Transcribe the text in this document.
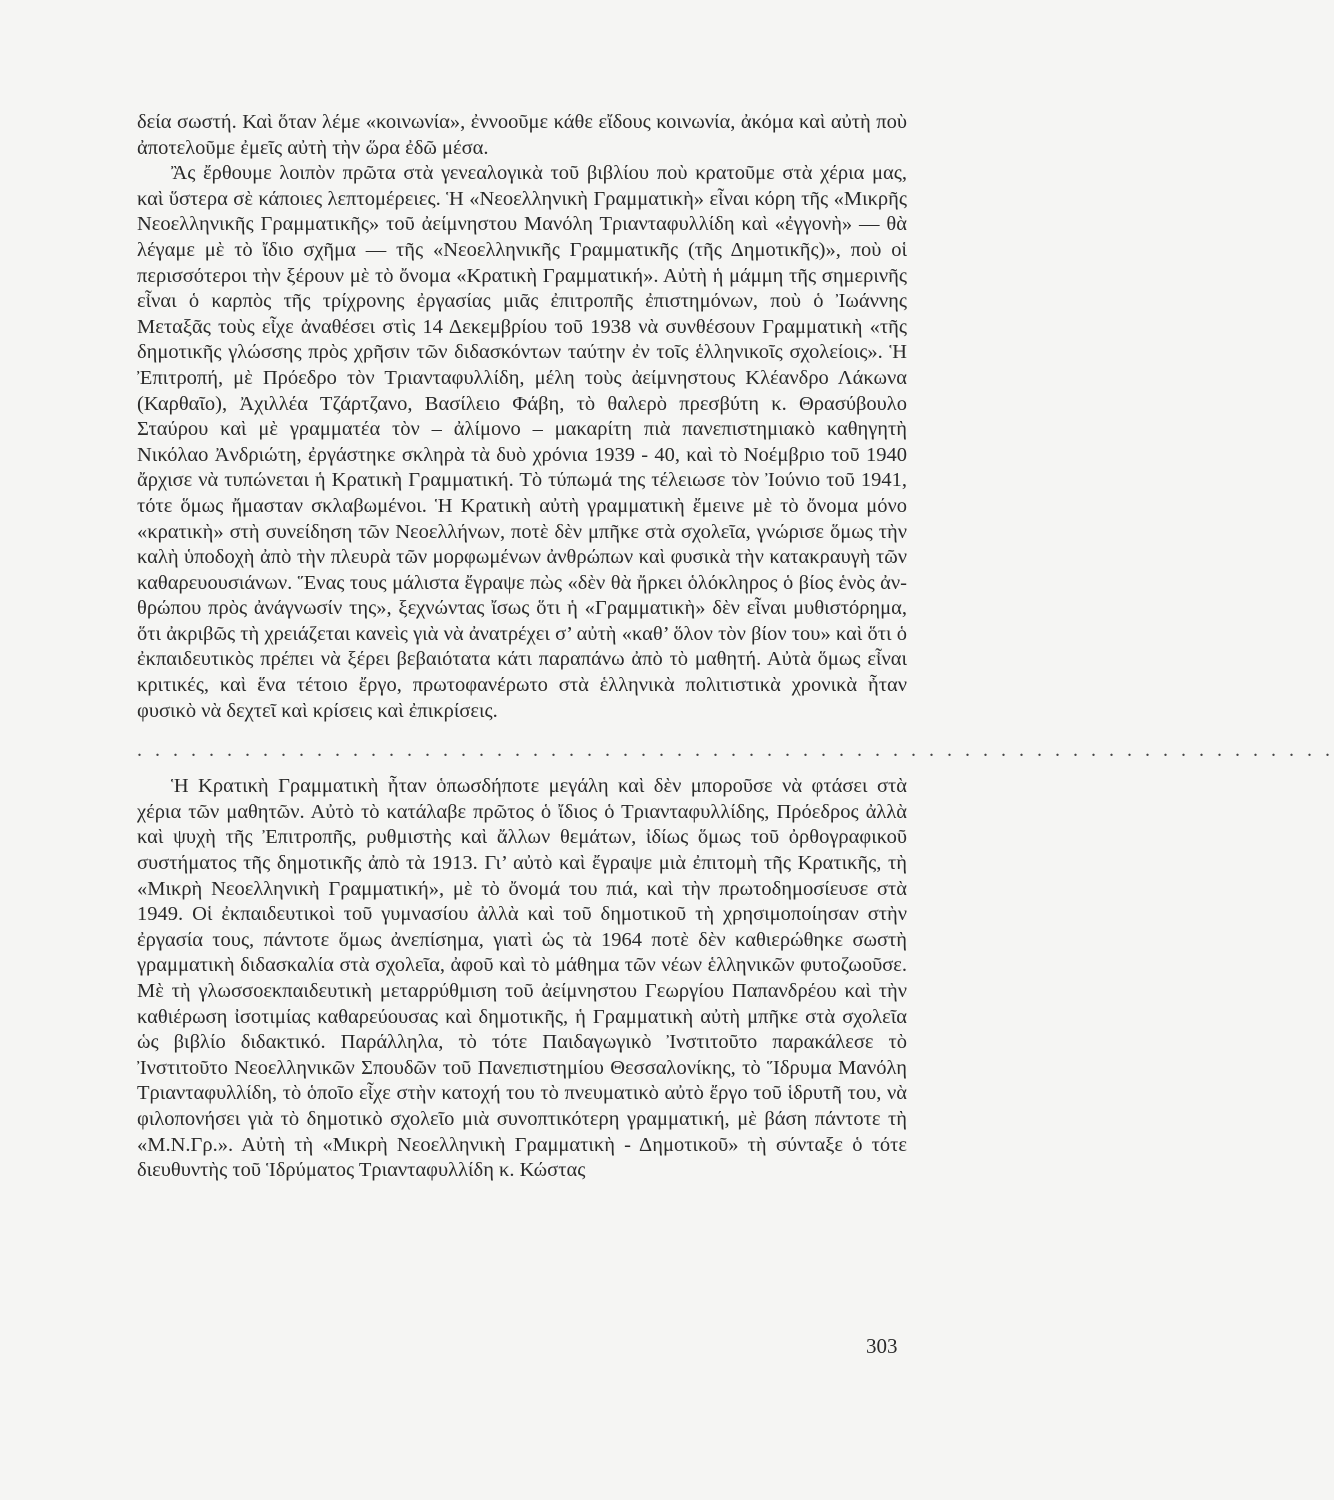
δεία σωστή. Καὶ ὅταν λέμε «κοινωνία», ἐννοοῦμε κάθε εἴδους κοινωνία, ἀκόμα καὶ αὐτὴ ποὺ ἀποτελοῦμε ἐμεῖς αὐτὴ τὴν ὥρα ἐδῶ μέσα.

Ἂς ἔρθουμε λοιπὸν πρῶτα στὰ γενεαλογικὰ τοῦ βιβλίου ποὺ κρατοῦμε στὰ χέρια μας, καὶ ὕστερα σὲ κάποιες λεπτομέρειες. Ἡ «Νεοελληνικὴ Γραμματικὴ» εἶναι κόρη τῆς «Μικρῆς Νεοελληνικῆς Γραμματικῆς» τοῦ ἀείμνηστου Μανόλη Τριανταφυλλίδη καὶ «ἐγγονὴ» — θὰ λέγαμε μὲ τὸ ἴδιο σχῆμα — τῆς «Νεοελληνικῆς Γραμματικῆς (τῆς Δημοτικῆς)», ποὺ οἱ περισσότεροι τὴν ξέρουν μὲ τὸ ὄνομα «Κρατικὴ Γραμματική». Αὐτὴ ἡ μάμμη τῆς σημερινῆς εἶναι ὁ καρπὸς τῆς τρίχρονης ἐργασίας μιᾶς ἐπιτροπῆς ἐπιστημόνων, ποὺ ὁ Ἰωάννης Μεταξᾶς τοὺς εἶχε ἀναθέσει στὶς 14 Δεκεμβρίου τοῦ 1938 νὰ συνθέσουν Γραμματικὴ «τῆς δημοτικῆς γλώσσης πρὸς χρῆσιν τῶν διδασκόντων ταύτην ἐν τοῖς ἑλληνικοῖς σχολείοις». Ἡ Ἐπιτροπή, μὲ Πρόεδρο τὸν Τριανταφυλλίδη, μέλη τοὺς ἀείμνηστους Κλέανδρο Λάκωνα (Καρθαῖο), Ἀχιλλέα Τζάρτζανο, Βασίλειο Φάβη, τὸ θαλερὸ πρεσβύτη κ. Θρασύβουλο Σταύρου καὶ μὲ γραμματέα τὸν – ἀλίμονο – μακαρίτη πιὰ πανεπιστημιακὸ καθηγητὴ Νικόλαο Ἀνδριώτη, ἐργάστηκε σκληρὰ τὰ δυὸ χρόνια 1939 - 40, καὶ τὸ Νοέμβριο τοῦ 1940 ἄρχισε νὰ τυπώνεται ἡ Κρατικὴ Γραμματική. Τὸ τύπωμά της τέλειωσε τὸν Ἰούνιο τοῦ 1941, τότε ὅμως ἤμασταν σκλαβωμένοι. Ἡ Κρατικὴ αὐτὴ γραμματικὴ ἔμεινε μὲ τὸ ὄνομα μόνο «κρατικὴ» στὴ συνείδηση τῶν Νεοελλήνων, ποτὲ δὲν μπῆκε στὰ σχολεῖα, γνώρισε ὅμως τὴν καλὴ ὑποδοχὴ ἀπὸ τὴν πλευρὰ τῶν μορφωμένων ἀνθρώπων καὶ φυσικὰ τὴν κατακραυγὴ τῶν καθαρευουσιάνων. Ἕνας τους μάλιστα ἔγραψε πὼς «δὲν θὰ ἤρκει ὁλόκληρος ὁ βίος ἑνὸς ἀνθρώπου πρὸς ἀνάγνωσίν της», ξεχνώντας ἴσως ὅτι ἡ «Γραμματικὴ» δὲν εἶναι μυθιστόρημα, ὅτι ἀκριβῶς τὴ χρειάζεται κανεὶς γιὰ νὰ ἀνατρέχει σ’ αὐτὴ «καθ’ ὅλον τὸν βίον του» καὶ ὅτι ὁ ἐκπαιδευτικὸς πρέπει νὰ ξέρει βεβαιότατα κάτι παραπάνω ἀπὸ τὸ μαθητή. Αὐτὰ ὅμως εἶναι κριτικές, καὶ ἕνα τέτοιο ἔργο, πρωτοφανέρωτο στὰ ἑλληνικὰ πολιτιστικὰ χρονικὰ ἦταν φυσικὸ νὰ δεχτεῖ καὶ κρίσεις καὶ ἐπικρίσεις.

. . . . . . . . . . . . . . . . . . . . . . . . . . . . . . . . . . . . . . . . . . . . . . . . . . . . . . . . . . . . . . . . . . .

Ἡ Κρατικὴ Γραμματικὴ ἦταν ὁπωσδήποτε μεγάλη καὶ δὲν μποροῦσε νὰ φτάσει στὰ χέρια τῶν μαθητῶν. Αὐτὸ τὸ κατάλαβε πρῶτος ὁ ἴδιος ὁ Τριανταφυλλίδης, Πρόεδρος ἀλλὰ καὶ ψυχὴ τῆς Ἐπιτροπῆς, ρυθμιστὴς καὶ ἄλλων θεμάτων, ἰδίως ὅμως τοῦ ὀρθογραφικοῦ συστήματος τῆς δημοτικῆς ἀπὸ τὰ 1913. Γι’ αὐτὸ καὶ ἔγραψε μιὰ ἐπιτομὴ τῆς Κρατικῆς, τὴ «Μικρὴ Νεοελληνικὴ Γραμματική», μὲ τὸ ὄνομά του πιά, καὶ τὴν πρωτοδημοσίευσε στὰ 1949. Οἱ ἐκπαιδευτικοὶ τοῦ γυμνασίου ἀλλὰ καὶ τοῦ δημοτικοῦ τὴ χρησιμοποίησαν στὴν ἐργασία τους, πάντοτε ὅμως ἀνεπίσημα, γιατὶ ὡς τὰ 1964 ποτὲ δὲν καθιερώθηκε σωστὴ γραμματικὴ διδασκαλία στὰ σχολεῖα, ἀφοῦ καὶ τὸ μάθημα τῶν νέων ἑλληνικῶν φυτοζωοῦσε. Μὲ τὴ γλωσσοεκπαιδευτικὴ μεταρρύθμιση τοῦ ἀείμνηστου Γεωργίου Παπανδρέου καὶ τὴν καθιέρωση ἰσοτιμίας καθαρεύουσας καὶ δημοτικῆς, ἡ Γραμματικὴ αὐτὴ μπῆκε στὰ σχολεῖα ὡς βιβλίο διδακτικό. Παράλληλα, τὸ τότε Παιδαγωγικὸ Ἰνστιτοῦτο παρακάλεσε τὸ Ἰνστιτοῦτο Νεοελληνικῶν Σπουδῶν τοῦ Πανεπιστημίου Θεσσαλονίκης, τὸ Ἵδρυμα Μανόλη Τριανταφυλλίδη, τὸ ὁποῖο εἶχε στὴν κατοχή του τὸ πνευματικὸ αὐτὸ ἔργο τοῦ ἱδρυτῆ του, νὰ φιλοπονήσει γιὰ τὸ δημοτικὸ σχολεῖο μιὰ συνοπτικότερη γραμματική, μὲ βάση πάντοτε τὴ «Μ.Ν.Γρ.». Αὐτὴ τὴ «Μικρὴ Νεοελληνικὴ Γραμματικὴ - Δημοτικοῦ» τὴ σύνταξε ὁ τότε διευθυντὴς τοῦ Ἱδρύματος Τριανταφυλλίδη κ. Κώστας

303
